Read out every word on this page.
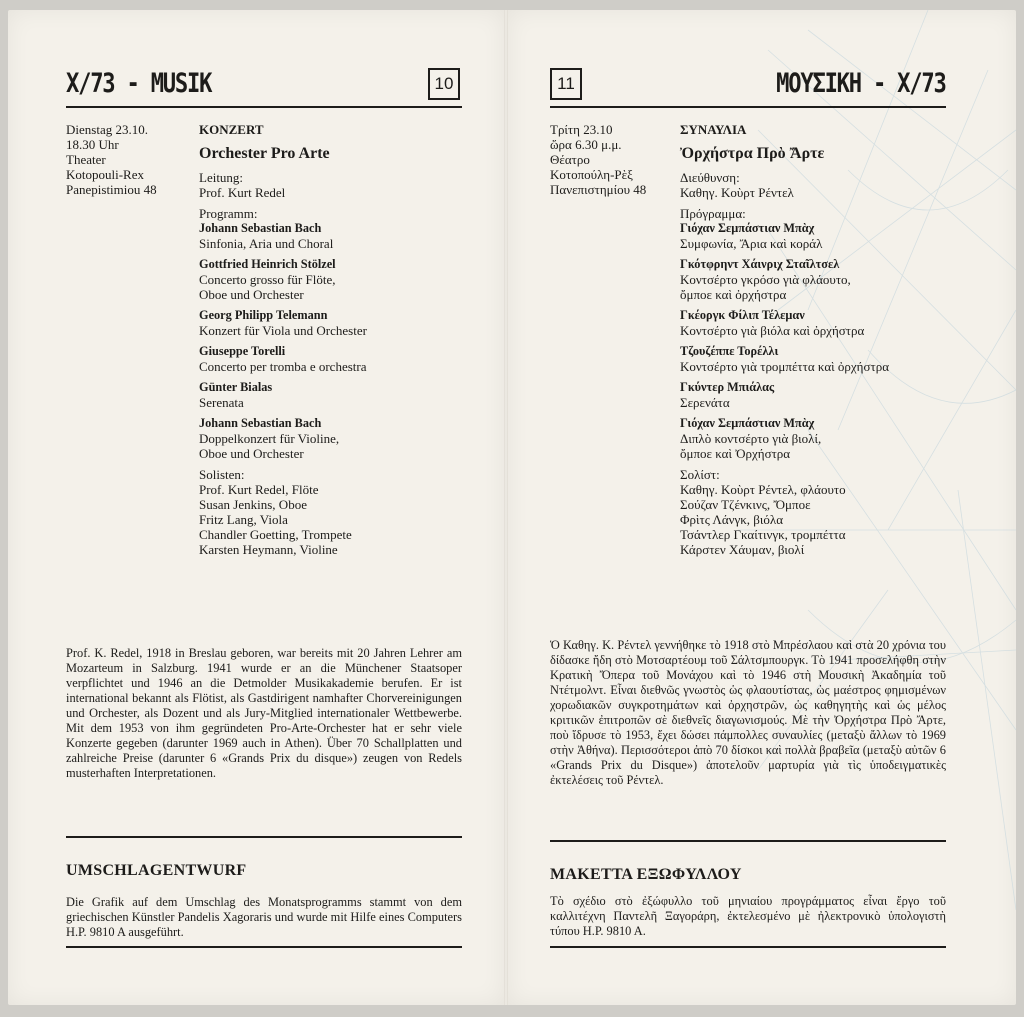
X/73 - MUSIK	10
Dienstag 23.10.
18.30 Uhr
Theater
Kotopouli-Rex
Panepistimiou 48
KONZERT
Orchester Pro Arte
Leitung:
Prof. Kurt Redel
Programm:
Johann Sebastian Bach
Sinfonia, Aria und Choral
Gottfried Heinrich Stölzel
Concerto grosso für Flöte,
Oboe und Orchester
Georg Philipp Telemann
Konzert für Viola und Orchester
Giuseppe Torelli
Concerto per tromba e orchestra
Günter Bialas
Serenata
Johann Sebastian Bach
Doppelkonzert für Violine,
Oboe und Orchester
Solisten:
Prof. Kurt Redel, Flöte
Susan Jenkins, Oboe
Fritz Lang, Viola
Chandler Goetting, Trompete
Karsten Heymann, Violine
Prof. K. Redel, 1918 in Breslau geboren, war bereits mit 20 Jahren Lehrer am Mozarteum in Salzburg. 1941 wurde er an die Münchener Staatsoper verpflichtet und 1946 an die Detmolder Musikakademie berufen. Er ist international bekannt als Flötist, als Gastdirigent namhafter Chorvereinigungen und Orchester, als Dozent und als Jury-Mitglied internationaler Wettbewerbe. Mit dem 1953 von ihm gegründeten Pro-Arte-Orchester hat er sehr viele Konzerte gegeben (darunter 1969 auch in Athen). Über 70 Schallplatten und zahlreiche Preise (darunter 6 «Grands Prix du disque») zeugen von Redels musterhaften Interpretationen.
UMSCHLAGENTWURF
Die Grafik auf dem Umschlag des Monatsprogramms stammt von dem griechischen Künstler Pandelis Xagoraris und wurde mit Hilfe eines Computers H.P. 9810 A ausgeführt.
11	ΜΟΥΣΙΚΗ - X/73
Τρίτη 23.10
ὥρα 6.30 μ.μ.
Θέατρο
Κοτοπούλη-Ρὲξ
Πανεπιστημίου 48
ΣΥΝΑΥΛΙΑ
Ὀρχήστρα Πρὸ Ἄρτε
Διεύθυνση:
Καθηγ. Κοὺρτ Ρέντελ
Πρόγραμμα:
Γιόχαν Σεμπάστιαν Μπὰχ
Συμφωνία, Ἄρια καὶ κοράλ
Γκότφρηντ Χάινριχ Σταῖλτσελ
Κοντσέρτο γκρόσο γιὰ φλάουτο,
ὄμποε καὶ ὀρχήστρα
Γκέοργκ Φίλιπ Τέλεμαν
Κοντσέρτο γιὰ βιόλα καὶ ὀρχήστρα
Τζουζέππε Τορέλλι
Κοντσέρτο γιὰ τρομπέττα καὶ ὀρχήστρα
Γκύντερ Μπιάλας
Σερενάτα
Γιόχαν Σεμπάστιαν Μπὰχ
Διπλὸ κοντσέρτο γιὰ βιολί,
ὄμποε καὶ Ὀρχήστρα
Σολίστ:
Καθηγ. Κοὺρτ Ρέντελ, φλάουτο
Σούζαν Τζένκινς, Ὄμποε
Φρὶτς Λάνγκ, βιόλα
Τσάντλερ Γκαίτινγκ, τρομπέττα
Κάρστεν Χάυμαν, βιολί
Ὁ Καθηγ. Κ. Ρέντελ γεννήθηκε τὸ 1918 στὸ Μπρέσλαου καὶ στὰ 20 χρόνια του δίδασκε ἤδη στὸ Μοτσαρτέουμ τοῦ Σάλτσμπουργκ. Τὸ 1941 προσελήφθη στὴν Κρατικὴ Ὄπερα τοῦ Μονάχου καὶ τὸ 1946 στὴ Μουσικὴ Ἀκαδημία τοῦ Ντέτμολντ. Εἶναι διεθνῶς γνωστὸς ὡς φλαουτίστας, ὡς μαέστρος φημισμένων χορωδιακῶν συγκροτημάτων καὶ ὀρχηστρῶν, ὡς καθηγητὴς καὶ ὡς μέλος κριτικῶν ἐπιτροπῶν σὲ διεθνεῖς διαγωνισμούς. Μὲ τὴν Ὀρχήστρα Πρὸ Ἄρτε, ποὺ ἵδρυσε τὸ 1953, ἔχει δώσει πάμπολλες συναυλίες (μεταξὺ ἄλλων τὸ 1969 στὴν Ἀθήνα). Περισσότεροι ἀπὸ 70 δίσκοι καὶ πολλὰ βραβεῖα (μεταξὺ αὐτῶν 6 «Grands Prix du Disque») ἀποτελοῦν μαρτυρία γιὰ τὶς ὑποδειγματικὲς ἐκτελέσεις τοῦ Ρέντελ.
ΜΑΚΕΤΤΑ ΕΞΩΦΥΛΛΟΥ
Τὸ σχέδιο στὸ ἐξώφυλλο τοῦ μηνιαίου προγράμματος εἶναι ἔργο τοῦ καλλιτέχνη Παντελῆ Ξαγοράρη, ἐκτελεσμένο μὲ ἠλεκτρονικὸ ὑπολογιστὴ τύπου H.P. 9810 A.
